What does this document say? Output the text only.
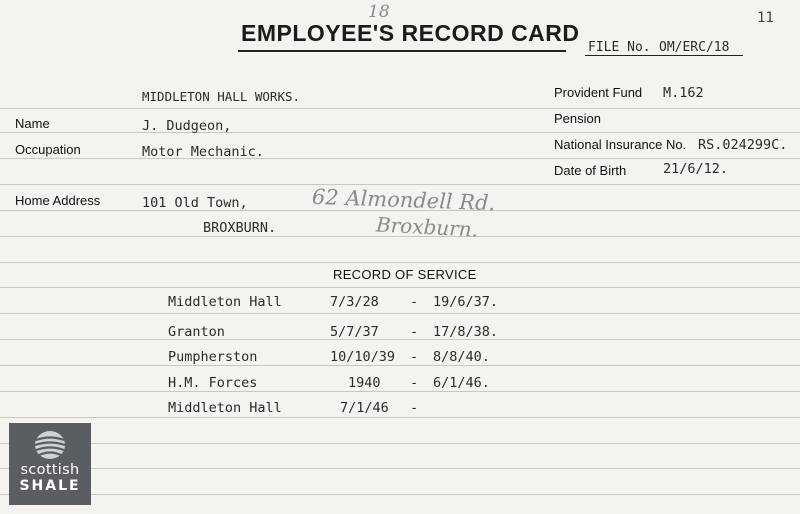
18
EMPLOYEE'S RECORD CARD
11
FILE No. OM/ERC/18
MIDDLETON HALL WORKS.
Name	J. Dudgeon,
Occupation	Motor Mechanic.
Home Address	101 Old Town,
BROXBURN.
62 Almondell Rd.
Broxburn.
Provident Fund M.162
Pension
National Insurance No. RS.024299C.
Date of Birth	21/6/12.
RECORD OF SERVICE
Middleton Hall	7/3/28 - 19/6/37.
Granton	5/7/37 - 17/8/38.
Pumpherston	10/10/39 - 8/8/40.
H.M. Forces	1940 - 6/1/46.
Middleton Hall	7/1/46 -
scottish
SHALE
